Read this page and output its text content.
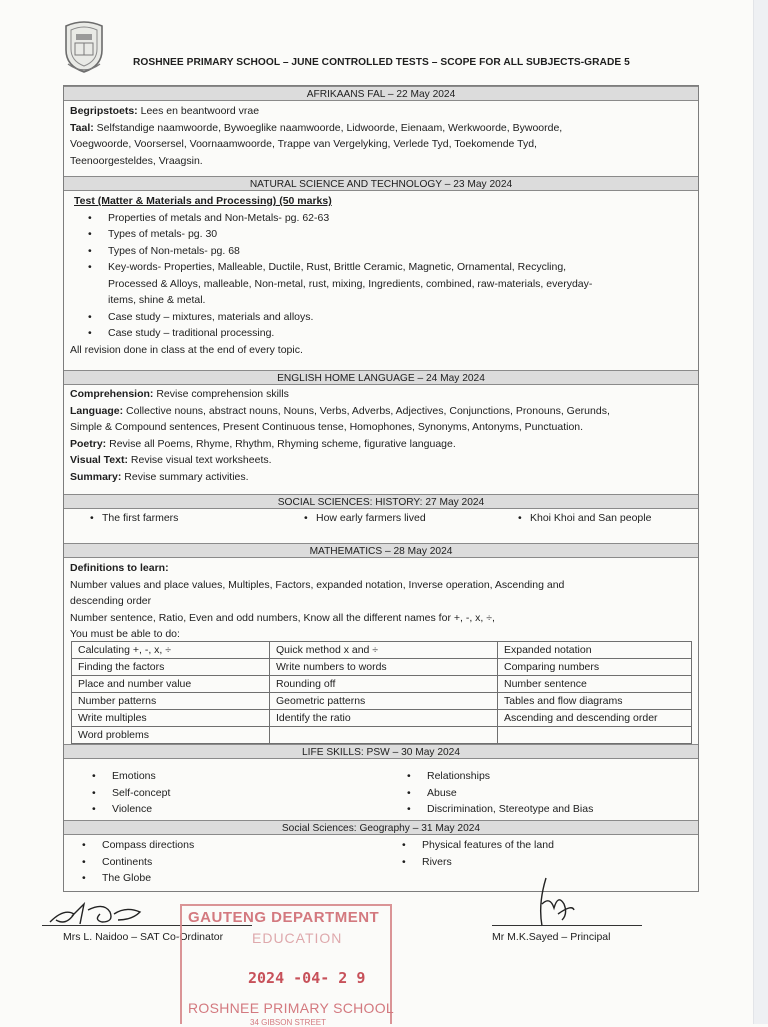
ROSHNEE PRIMARY SCHOOL – JUNE CONTROLLED TESTS – SCOPE FOR ALL SUBJECTS-GRADE 5
AFRIKAANS FAL – 22 May 2024
Begripstoets: Lees en beantwoord vrae
Taal: Selfstandige naamwoorde, Bywoeglike naamwoorde, Lidwoorde, Eienaam, Werkwoorde, Bywoorde,
Voegwoorde, Voorsersel, Voornaamwoorde, Trappe van Vergelyking, Verlede Tyd, Toekomende Tyd,
Teenoorgesteldes, Vraagsin.
NATURAL SCIENCE AND TECHNOLOGY – 23 May 2024
Test (Matter & Materials and Processing) (50 marks)
• Properties of metals and Non-Metals- pg. 62-63
• Types of metals- pg. 30
• Types of Non-metals- pg. 68
• Key-words- Properties, Malleable, Ductile, Rust, Brittle Ceramic, Magnetic, Ornamental, Recycling,
Processed & Alloys, malleable, Non-metal, rust, mixing, Ingredients, combined, raw-materials, everyday-
items, shine & metal.
• Case study – mixtures, materials and alloys.
• Case study – traditional processing.
All revision done in class at the end of every topic.
ENGLISH HOME LANGUAGE – 24 May 2024
Comprehension: Revise comprehension skills
Language: Collective nouns, abstract nouns, Nouns, Verbs, Adverbs, Adjectives, Conjunctions, Pronouns, Gerunds,
Simple & Compound sentences, Present Continuous tense, Homophones, Synonyms, Antonyms, Punctuation.
Poetry: Revise all Poems, Rhyme, Rhythm, Rhyming scheme, figurative language.
Visual Text: Revise visual text worksheets.
Summary: Revise summary activities.
SOCIAL SCIENCES: HISTORY: 27 May 2024
• The first farmers	• How early farmers lived	• Khoi Khoi and San people
MATHEMATICS – 28 May 2024
Definitions to learn:
Number values and place values, Multiples, Factors, expanded notation, Inverse operation, Ascending and
descending order
Number sentence, Ratio, Even and odd numbers, Know all the different names for +, -, x, ÷,
You must be able to do:
Calculating +, -, x, ÷	Quick method x and ÷	Expanded notation
Finding the factors	Write numbers to words	Comparing numbers
Place and number value	Rounding off	Number sentence
Number patterns	Geometric patterns	Tables and flow diagrams
Write multiples	Identify the ratio	Ascending and descending order
Word problems		
LIFE SKILLS: PSW – 30 May 2024
• Emotions
• Self-concept
• Violence
• Relationships
• Abuse
• Discrimination, Stereotype and Bias
Social Sciences: Geography – 31 May 2024
• Compass directions
• Continents
• The Globe
• Physical features of the land
• Rivers
Mrs L. Naidoo – SAT Co-Ordinator	Mr M.K.Sayed – Principal
GAUTENG DEPARTMENT
EDUCATION
2024 -04- 2 9
ROSHNEE PRIMARY SCHOOL
34 GIBSON STREET
